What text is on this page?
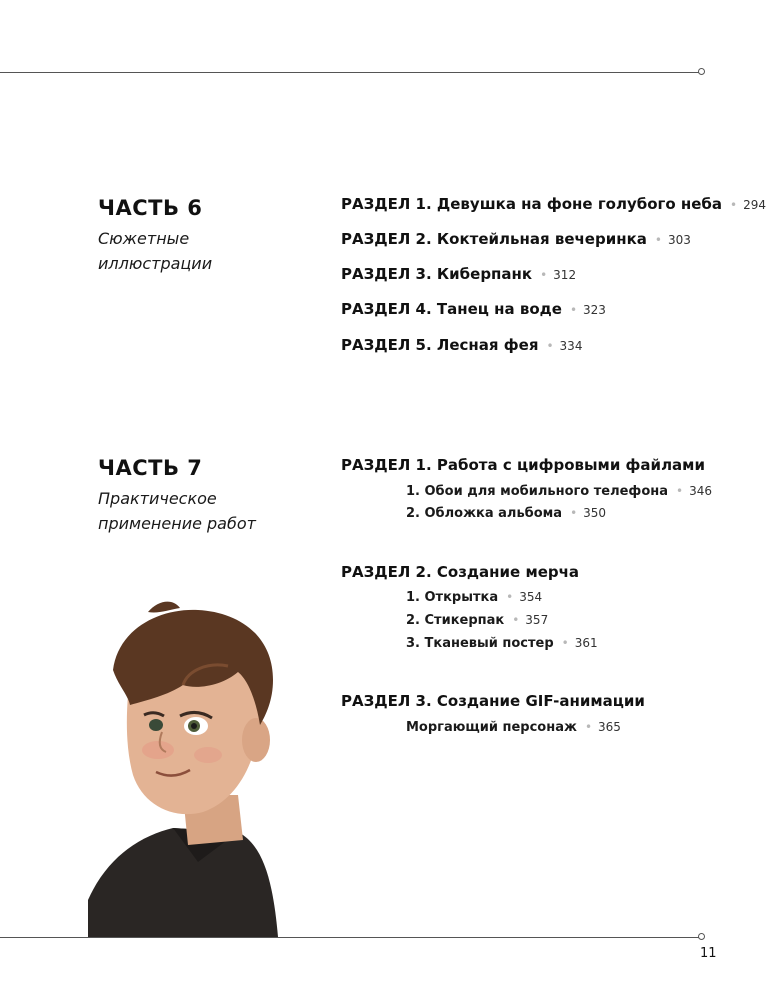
ЧАСТЬ 6
Сюжетные иллюстрации
РАЗДЕЛ 1. Девушка на фоне голубого неба • 294
РАЗДЕЛ 2. Коктейльная вечеринка • 303
РАЗДЕЛ 3. Киберпанк • 312
РАЗДЕЛ 4. Танец на воде • 323
РАЗДЕЛ 5. Лесная фея • 334
ЧАСТЬ 7
Практическое применение работ
РАЗДЕЛ 1. Работа с цифровыми файлами
1. Обои для мобильного телефона • 346
2. Обложка альбома • 350
РАЗДЕЛ 2. Создание мерча
1. Открытка • 354
2. Стикерпак • 357
3. Тканевый постер • 361
РАЗДЕЛ 3. Создание GIF-анимации
Моргающий персонаж • 365
11
